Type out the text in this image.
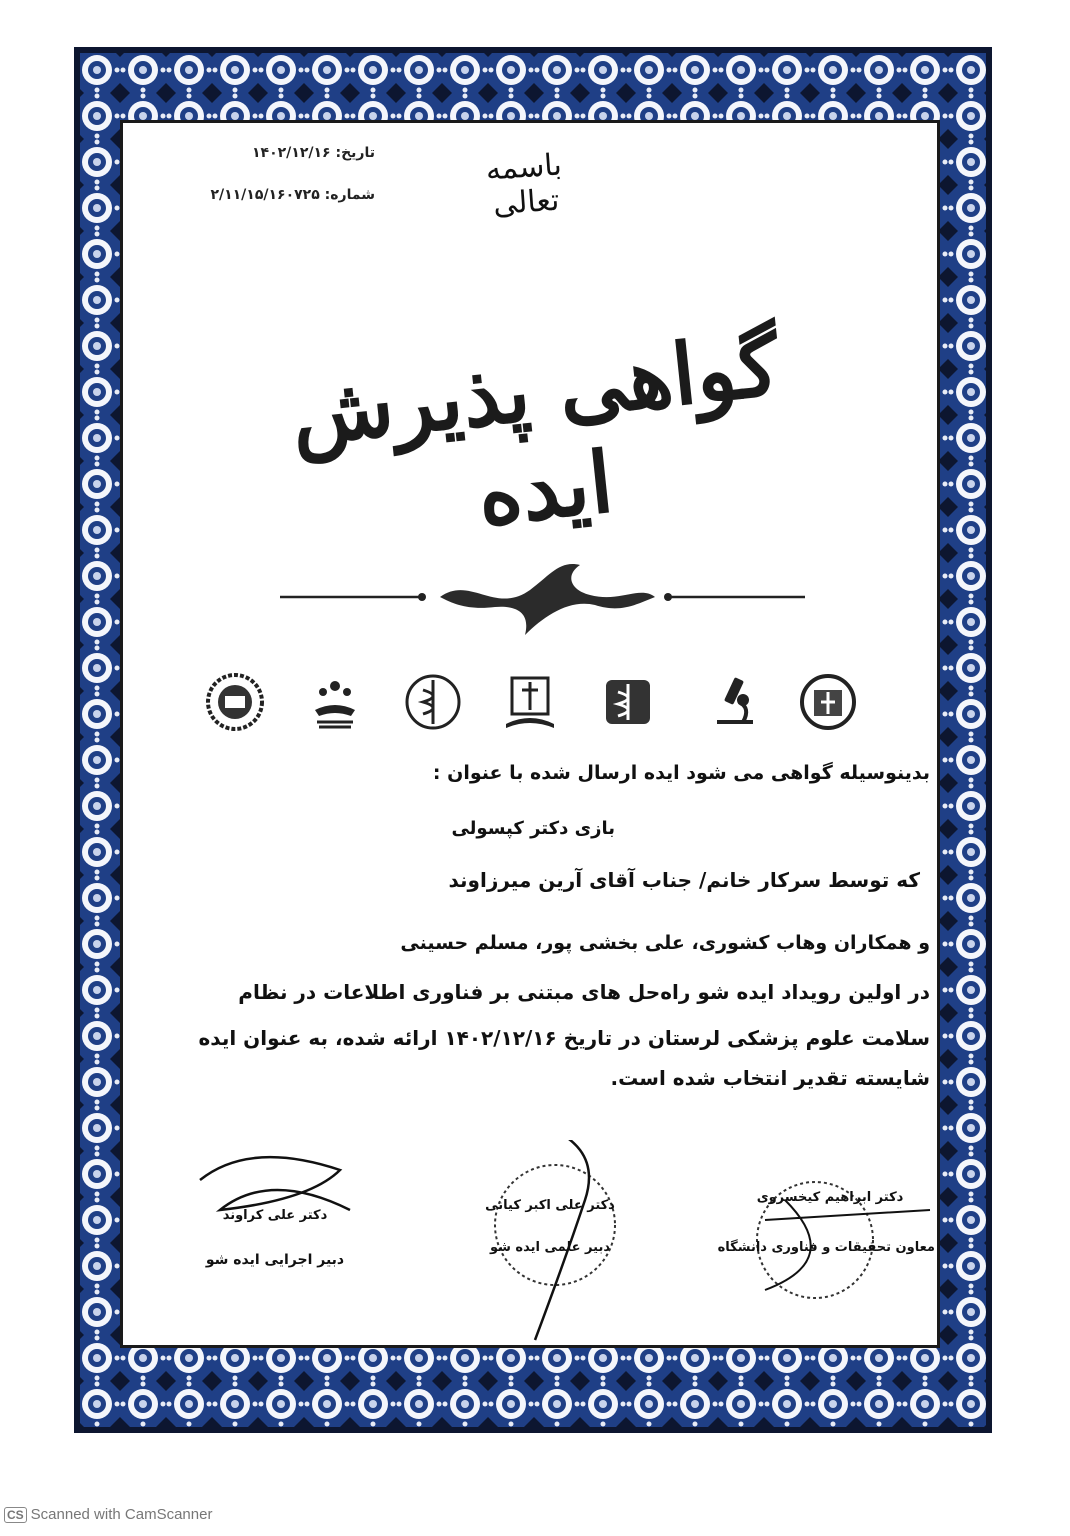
باسمه تعالی
تاریخ: ۱۴۰۲/۱۲/۱۶
شماره: ۲/۱۱/۱۵/۱۶۰۷۲۵
گواهی پذیرش ایده
بدینوسیله گواهی می شود ایده ارسال شده با عنوان :
بازی دکتر کپسولی
که توسط سرکار خانم/ جناب آقای آرین میرزاوند
و همکاران وهاب کشوری، علی بخشی پور، مسلم حسینی
در اولین رویداد ایده شو راه‌حل های مبتنی بر فناوری اطلاعات در نظام
سلامت علوم پزشکی لرستان در تاریخ ۱۴۰۲/۱۲/۱۶ ارائه شده، به عنوان ایده
شایسته تقدیر انتخاب شده است.
دکتر علی کراوند
دبیر اجرایی ایده شو
دکتر علی اکبر کیانی
دبیر علمی ایده شو
دکتر ابراهیم کیخسروی
معاون تحقیقات و فناوری دانشگاه
CS Scanned with CamScanner
